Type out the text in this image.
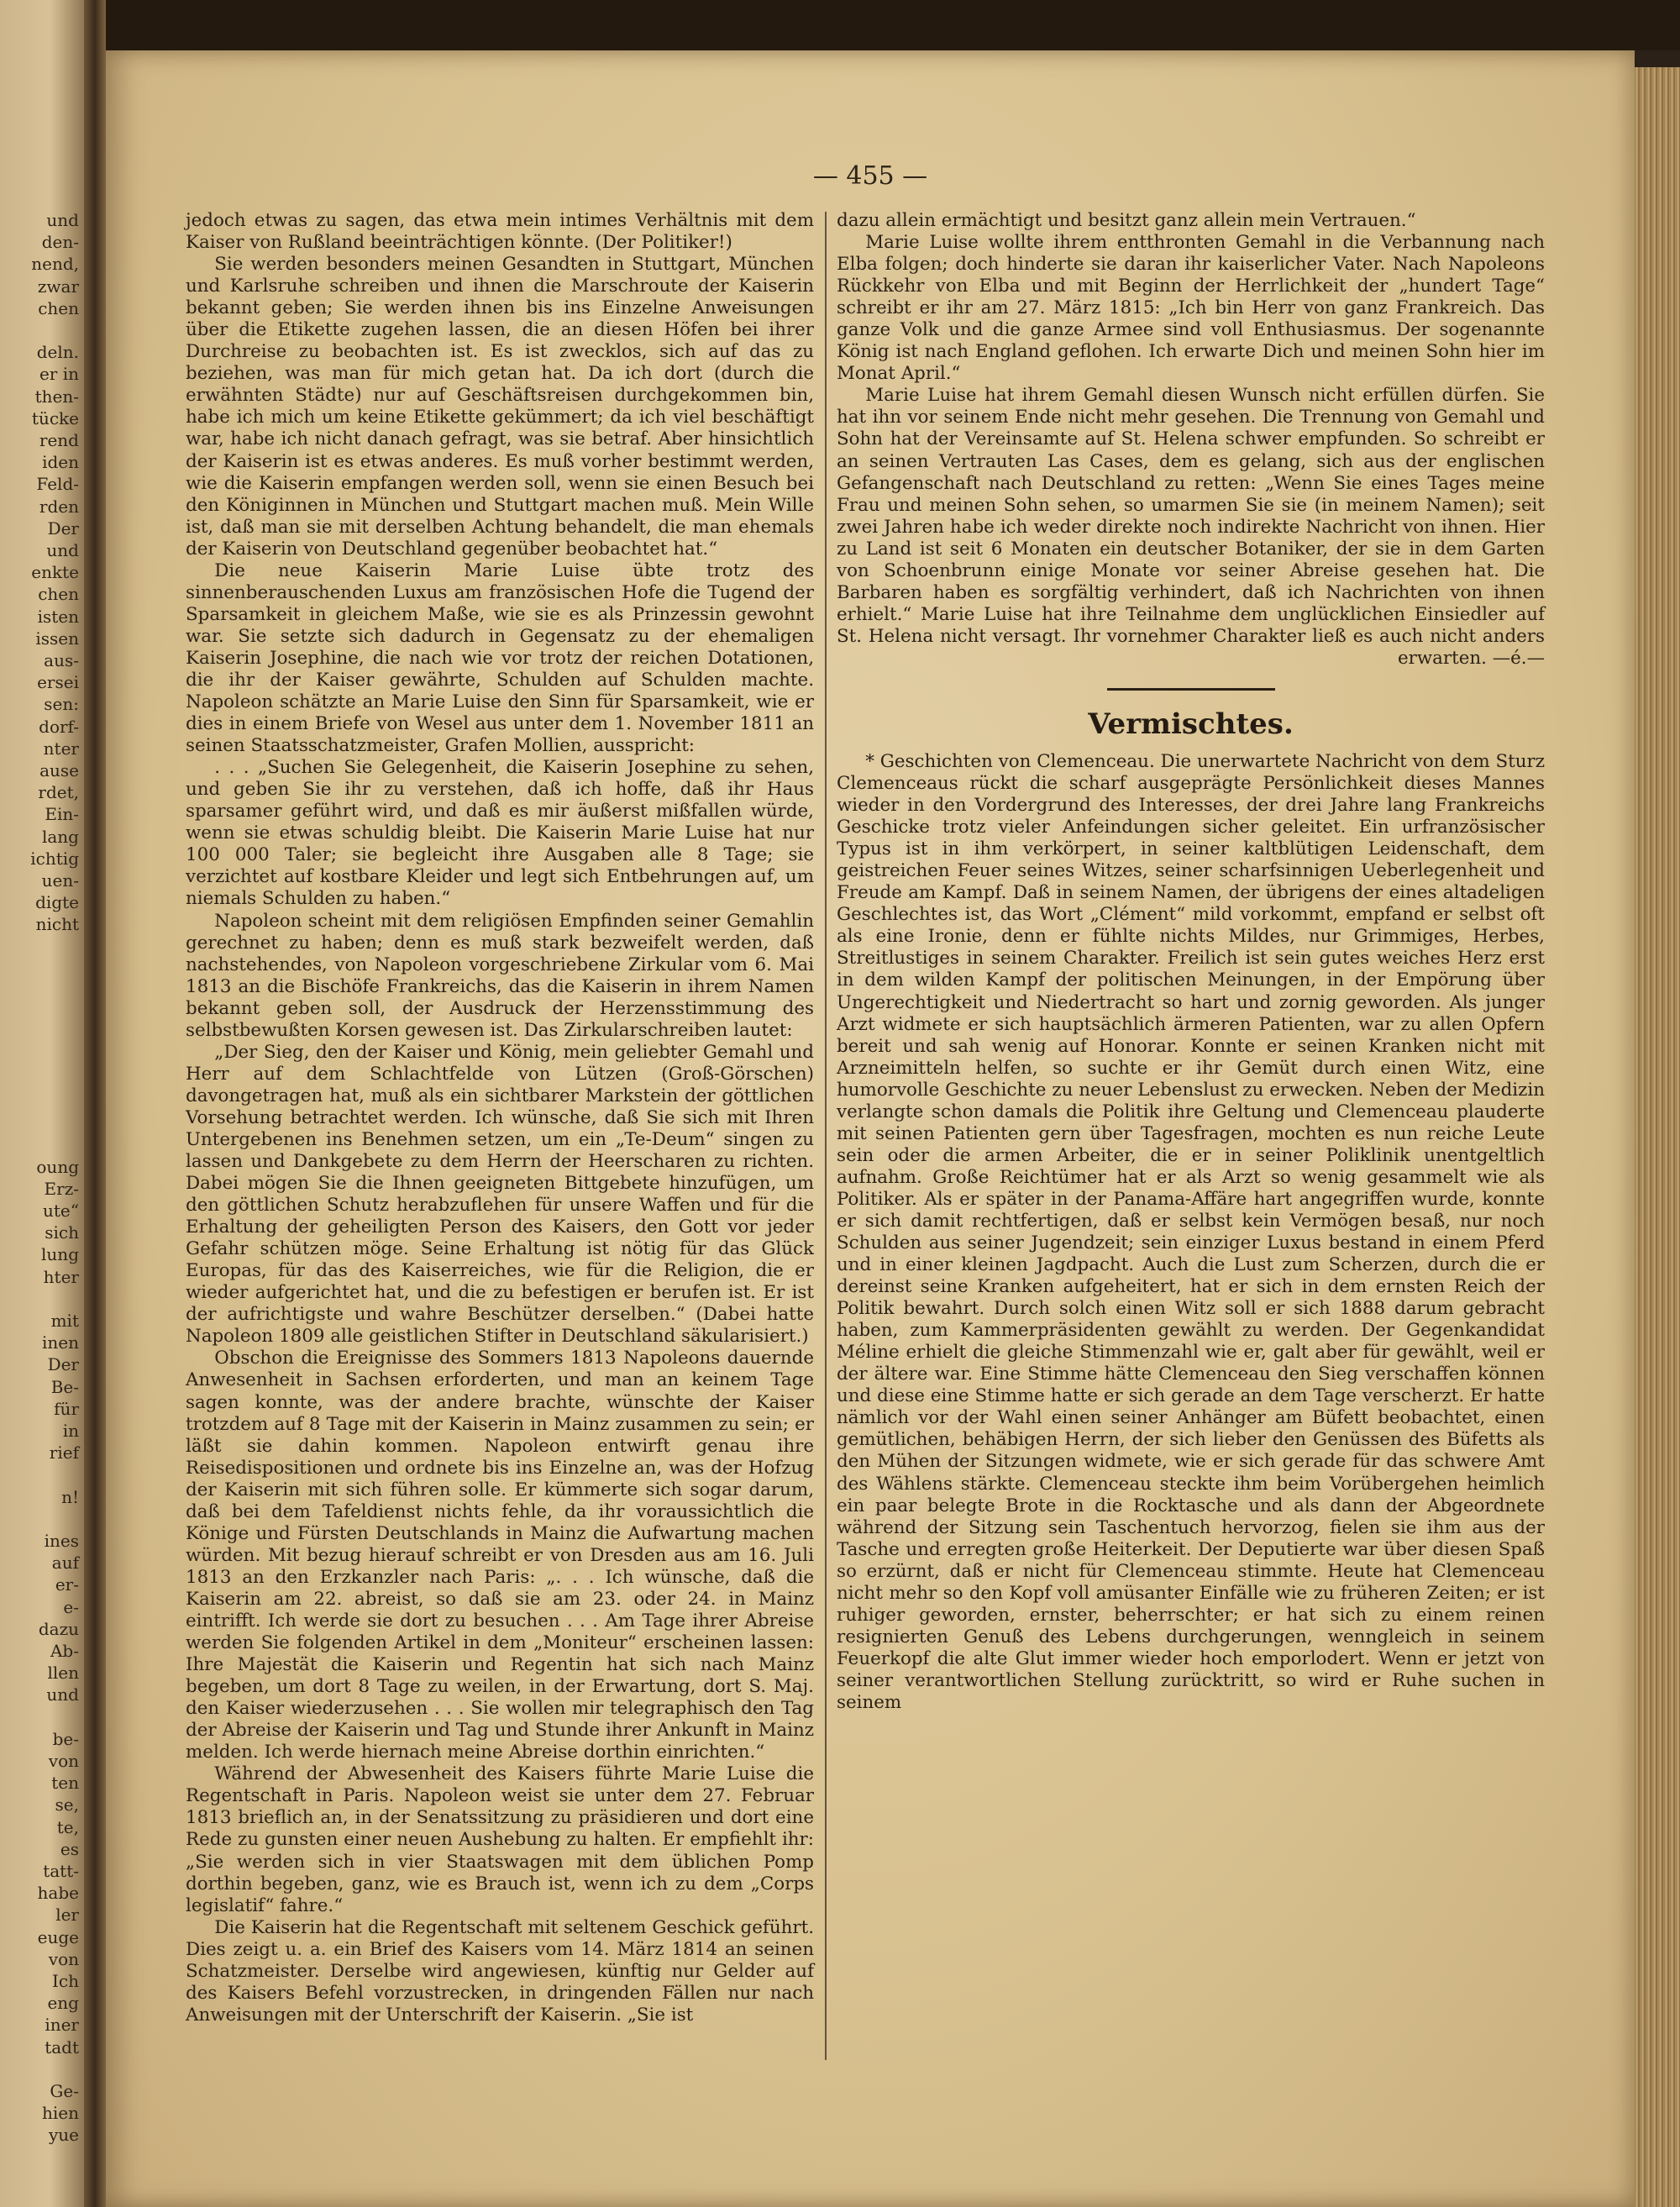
und
den-
nend,
zwar
chen
deln.
er in
then-
tücke
rend
iden
Feld-
rden
Der
und
enkte
chen
isten
issen
aus-
ersei
sen:
dorf-
nter
ause
rdet,
Ein-
lang
ichtig
uen-
digte
nicht
oung
Erz-
ute“
sich
lung
hter
mit
inen
Der
Be-
für
in
rief
n!
ines
auf
er-
e-
dazu
Ab-
llen
und
be-
von
ten
se,
te,
es
tatt-
habe
ler
euge
von
Ich
eng
iner
tadt
Ge-
hien
yue
— 455 —

jedoch etwas zu sagen, das etwa mein intimes Verhältnis mit dem Kaiser von Rußland beeinträchtigen könnte. (Der Politiker!)

Sie werden besonders meinen Gesandten in Stuttgart, München und Karlsruhe schreiben und ihnen die Marschroute der Kaiserin bekannt geben; Sie werden ihnen bis ins Einzelne Anweisungen über die Etikette zugehen lassen, die an diesen Höfen bei ihrer Durchreise zu beobachten ist. Es ist zwecklos, sich auf das zu beziehen, was man für mich getan hat. Da ich dort (durch die erwähnten Städte) nur auf Geschäftsreisen durchgekommen bin, habe ich mich um keine Etikette gekümmert; da ich viel beschäftigt war, habe ich nicht danach gefragt, was sie betraf. Aber hinsichtlich der Kaiserin ist es etwas anderes. Es muß vorher bestimmt werden, wie die Kaiserin empfangen werden soll, wenn sie einen Besuch bei den Königinnen in München und Stuttgart machen muß. Mein Wille ist, daß man sie mit derselben Achtung behandelt, die man ehemals der Kaiserin von Deutschland gegenüber beobachtet hat.“

Die neue Kaiserin Marie Luise übte trotz des sinnenberauschenden Luxus am französischen Hofe die Tugend der Sparsamkeit in gleichem Maße, wie sie es als Prinzessin gewohnt war. Sie setzte sich dadurch in Gegensatz zu der ehemaligen Kaiserin Josephine, die nach wie vor trotz der reichen Dotationen, die ihr der Kaiser gewährte, Schulden auf Schulden machte. Napoleon schätzte an Marie Luise den Sinn für Sparsamkeit, wie er dies in einem Briefe von Wesel aus unter dem 1. November 1811 an seinen Staatsschatzmeister, Grafen Mollien, ausspricht:

. . . „Suchen Sie Gelegenheit, die Kaiserin Josephine zu sehen, und geben Sie ihr zu verstehen, daß ich hoffe, daß ihr Haus sparsamer geführt wird, und daß es mir äußerst mißfallen würde, wenn sie etwas schuldig bleibt. Die Kaiserin Marie Luise hat nur 100 000 Taler; sie begleicht ihre Ausgaben alle 8 Tage; sie verzichtet auf kostbare Kleider und legt sich Entbehrungen auf, um niemals Schulden zu haben.“

Napoleon scheint mit dem religiösen Empfinden seiner Gemahlin gerechnet zu haben; denn es muß stark bezweifelt werden, daß nachstehendes, von Napoleon vorgeschriebene Zirkular vom 6. Mai 1813 an die Bischöfe Frankreichs, das die Kaiserin in ihrem Namen bekannt geben soll, der Ausdruck der Herzensstimmung des selbstbewußten Korsen gewesen ist. Das Zirkularschreiben lautet:

„Der Sieg, den der Kaiser und König, mein geliebter Gemahl und Herr auf dem Schlachtfelde von Lützen (Groß-Görschen) davongetragen hat, muß als ein sichtbarer Markstein der göttlichen Vorsehung betrachtet werden. Ich wünsche, daß Sie sich mit Ihren Untergebenen ins Benehmen setzen, um ein „Te-Deum“ singen zu lassen und Dankgebete zu dem Herrn der Heerscharen zu richten. Dabei mögen Sie die Ihnen geeigneten Bittgebete hinzufügen, um den göttlichen Schutz herabzuflehen für unsere Waffen und für die Erhaltung der geheiligten Person des Kaisers, den Gott vor jeder Gefahr schützen möge. Seine Erhaltung ist nötig für das Glück Europas, für das des Kaiserreiches, wie für die Religion, die er wieder aufgerichtet hat, und die zu befestigen er berufen ist. Er ist der aufrichtigste und wahre Beschützer derselben.“ (Dabei hatte Napoleon 1809 alle geistlichen Stifter in Deutschland säkularisiert.)

Obschon die Ereignisse des Sommers 1813 Napoleons dauernde Anwesenheit in Sachsen erforderten, und man an keinem Tage sagen konnte, was der andere brachte, wünschte der Kaiser trotzdem auf 8 Tage mit der Kaiserin in Mainz zusammen zu sein; er läßt sie dahin kommen. Napoleon entwirft genau ihre Reisedispositionen und ordnete bis ins Einzelne an, was der Hofzug der Kaiserin mit sich führen solle. Er kümmerte sich sogar darum, daß bei dem Tafeldienst nichts fehle, da ihr voraussichtlich die Könige und Fürsten Deutschlands in Mainz die Aufwartung machen würden. Mit bezug hierauf schreibt er von Dresden aus am 16. Juli 1813 an den Erzkanzler nach Paris: „. . . Ich wünsche, daß die Kaiserin am 22. abreist, so daß sie am 23. oder 24. in Mainz eintrifft. Ich werde sie dort zu besuchen . . . Am Tage ihrer Abreise werden Sie folgenden Artikel in dem „Moniteur“ erscheinen lassen: Ihre Majestät die Kaiserin und Regentin hat sich nach Mainz begeben, um dort 8 Tage zu weilen, in der Erwartung, dort S. Maj. den Kaiser wiederzusehen . . . Sie wollen mir telegraphisch den Tag der Abreise der Kaiserin und Tag und Stunde ihrer Ankunft in Mainz melden. Ich werde hiernach meine Abreise dorthin einrichten.“

Während der Abwesenheit des Kaisers führte Marie Luise die Regentschaft in Paris. Napoleon weist sie unter dem 27. Februar 1813 brieflich an, in der Senatssitzung zu präsidieren und dort eine Rede zu gunsten einer neuen Aushebung zu halten. Er empfiehlt ihr: „Sie werden sich in vier Staatswagen mit dem üblichen Pomp dorthin begeben, ganz, wie es Brauch ist, wenn ich zu dem „Corps legislatif“ fahre.“

Die Kaiserin hat die Regentschaft mit seltenem Geschick geführt. Dies zeigt u. a. ein Brief des Kaisers vom 14. März 1814 an seinen Schatzmeister. Derselbe wird angewiesen, künftig nur Gelder auf des Kaisers Befehl vorzustrecken, in dringenden Fällen nur nach Anweisungen mit der Unterschrift der Kaiserin. „Sie ist

dazu allein ermächtigt und besitzt ganz allein mein Vertrauen.“

Marie Luise wollte ihrem entthronten Gemahl in die Verbannung nach Elba folgen; doch hinderte sie daran ihr kaiserlicher Vater. Nach Napoleons Rückkehr von Elba und mit Beginn der Herrlichkeit der „hundert Tage“ schreibt er ihr am 27. März 1815: „Ich bin Herr von ganz Frankreich. Das ganze Volk und die ganze Armee sind voll Enthusiasmus. Der sogenannte König ist nach England geflohen. Ich erwarte Dich und meinen Sohn hier im Monat April.“

Marie Luise hat ihrem Gemahl diesen Wunsch nicht erfüllen dürfen. Sie hat ihn vor seinem Ende nicht mehr gesehen. Die Trennung von Gemahl und Sohn hat der Vereinsamte auf St. Helena schwer empfunden. So schreibt er an seinen Vertrauten Las Cases, dem es gelang, sich aus der englischen Gefangenschaft nach Deutschland zu retten: „Wenn Sie eines Tages meine Frau und meinen Sohn sehen, so umarmen Sie sie (in meinem Namen); seit zwei Jahren habe ich weder direkte noch indirekte Nachricht von ihnen. Hier zu Land ist seit 6 Monaten ein deutscher Botaniker, der sie in dem Garten von Schoenbrunn einige Monate vor seiner Abreise gesehen hat. Die Barbaren haben es sorgfältig verhindert, daß ich Nachrichten von ihnen erhielt.“ Marie Luise hat ihre Teilnahme dem unglücklichen Einsiedler auf St. Helena nicht versagt. Ihr vornehmer Charakter ließ es auch nicht anders erwarten. —é.—

Vermischtes.

* Geschichten von Clemenceau. Die unerwartete Nachricht von dem Sturz Clemenceaus rückt die scharf ausgeprägte Persönlichkeit dieses Mannes wieder in den Vordergrund des Interesses, der drei Jahre lang Frankreichs Geschicke trotz vieler Anfeindungen sicher geleitet. Ein urfranzösischer Typus ist in ihm verkörpert, in seiner kaltblütigen Leidenschaft, dem geistreichen Feuer seines Witzes, seiner scharfsinnigen Ueberlegenheit und Freude am Kampf. Daß in seinem Namen, der übrigens der eines altadeligen Geschlechtes ist, das Wort „Clément“ mild vorkommt, empfand er selbst oft als eine Ironie, denn er fühlte nichts Mildes, nur Grimmiges, Herbes, Streitlustiges in seinem Charakter. Freilich ist sein gutes weiches Herz erst in dem wilden Kampf der politischen Meinungen, in der Empörung über Ungerechtigkeit und Niedertracht so hart und zornig geworden. Als junger Arzt widmete er sich hauptsächlich ärmeren Patienten, war zu allen Opfern bereit und sah wenig auf Honorar. Konnte er seinen Kranken nicht mit Arzneimitteln helfen, so suchte er ihr Gemüt durch einen Witz, eine humorvolle Geschichte zu neuer Lebenslust zu erwecken. Neben der Medizin verlangte schon damals die Politik ihre Geltung und Clemenceau plauderte mit seinen Patienten gern über Tagesfragen, mochten es nun reiche Leute sein oder die armen Arbeiter, die er in seiner Poliklinik unentgeltlich aufnahm. Große Reichtümer hat er als Arzt so wenig gesammelt wie als Politiker. Als er später in der Panama-Affäre hart angegriffen wurde, konnte er sich damit rechtfertigen, daß er selbst kein Vermögen besaß, nur noch Schulden aus seiner Jugendzeit; sein einziger Luxus bestand in einem Pferd und in einer kleinen Jagdpacht. Auch die Lust zum Scherzen, durch die er dereinst seine Kranken aufgeheitert, hat er sich in dem ernsten Reich der Politik bewahrt. Durch solch einen Witz soll er sich 1888 darum gebracht haben, zum Kammerpräsidenten gewählt zu werden. Der Gegenkandidat Méline erhielt die gleiche Stimmenzahl wie er, galt aber für gewählt, weil er der ältere war. Eine Stimme hätte Clemenceau den Sieg verschaffen können und diese eine Stimme hatte er sich gerade an dem Tage verscherzt. Er hatte nämlich vor der Wahl einen seiner Anhänger am Büfett beobachtet, einen gemütlichen, behäbigen Herrn, der sich lieber den Genüssen des Büfetts als den Mühen der Sitzungen widmete, wie er sich gerade für das schwere Amt des Wählens stärkte. Clemenceau steckte ihm beim Vorübergehen heimlich ein paar belegte Brote in die Rocktasche und als dann der Abgeordnete während der Sitzung sein Taschentuch hervorzog, fielen sie ihm aus der Tasche und erregten große Heiterkeit. Der Deputierte war über diesen Spaß so erzürnt, daß er nicht für Clemenceau stimmte. Heute hat Clemenceau nicht mehr so den Kopf voll amüsanter Einfälle wie zu früheren Zeiten; er ist ruhiger geworden, ernster, beherrschter; er hat sich zu einem reinen resignierten Genuß des Lebens durchgerungen, wenngleich in seinem Feuerkopf die alte Glut immer wieder hoch emporlodert. Wenn er jetzt von seiner verantwortlichen Stellung zurücktritt, so wird er Ruhe suchen in seinem
